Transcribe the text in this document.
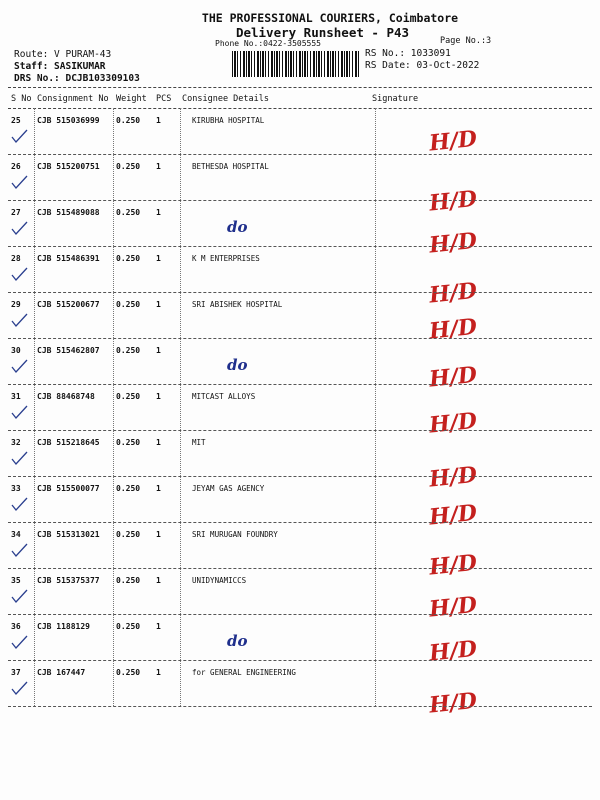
THE PROFESSIONAL COURIERS, Coimbatore
Delivery Runsheet - P43
Phone No.:0422-3505555	Page No.:3
Route: V PURAM-43
Staff: SASIKUMAR
DRS No.: DCJB103309103
RS No.: 1033091
RS Date: 03-Oct-2022
S No Consignment No Weight PCS Consignee Details	Signature
25 CJB 515036999 0.250 1	KIRUBHA HOSPITAL
H/D
26 CJB 515200751 0.250 1	BETHESDA HOSPITAL
H/D
27 CJB 515489088 0.250 1
do
H/D
28 CJB 515486391 0.250 1	K M ENTERPRISES
H/D
29 CJB 515200677 0.250 1	SRI ABISHEK HOSPITAL
H/D
30 CJB 515462807 0.250 1
do	H/D
31 CJB 88468748	0.250 1	MITCAST ALLOYS
H/D
32 CJB 515218645 0.250 1	MIT
H/D
33 CJB 515500077 0.250 1	JEYAM GAS AGENCY
H/D
34 CJB 515313021 0.250 1	SRI MURUGAN FOUNDRY
H/D
35 CJB 515375377 0.250 1	UNIDYNAMICCS
H/D
36 CJB 1188129	0.250 1
do	H/D
37 CJB 167447	0.250 1	for GENERAL ENGINEERING
H/D
